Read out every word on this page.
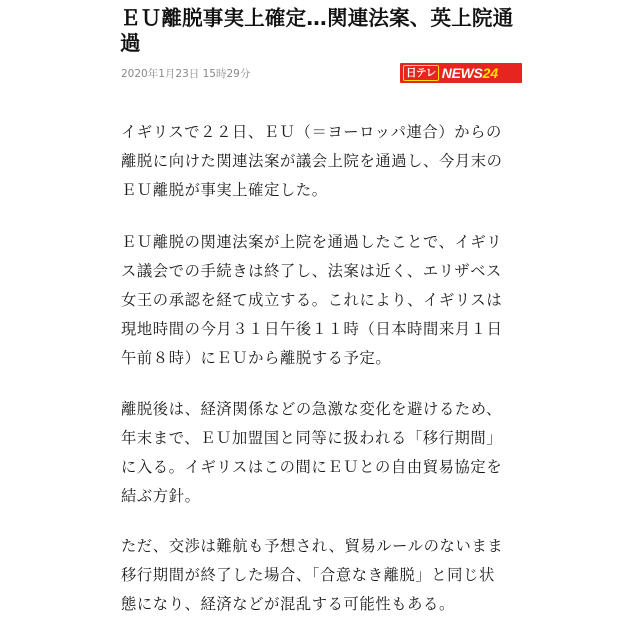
ＥＵ離脱事実上確定…関連法案、英上院通過
2020年1月23日 15時29分	日テレ NEWS 24

イギリスで２２日、ＥＵ（＝ヨーロッパ連合）からの
離脱に向けた関連法案が議会上院を通過し、今月末の
ＥＵ離脱が事実上確定した。

ＥＵ離脱の関連法案が上院を通過したことで、イギリ
ス議会での手続きは終了し、法案は近く、エリザベス
女王の承認を経て成立する。これにより、イギリスは
現地時間の今月３１日午後１１時（日本時間来月１日
午前８時）にＥＵから離脱する予定。

離脱後は、経済関係などの急激な変化を避けるため、
年末まで、ＥＵ加盟国と同等に扱われる「移行期間」
に入る。イギリスはこの間にＥＵとの自由貿易協定を
結ぶ方針。

ただ、交渉は難航も予想され、貿易ルールのないまま
移行期間が終了した場合、「合意なき離脱」と同じ状
態になり、経済などが混乱する可能性もある。
